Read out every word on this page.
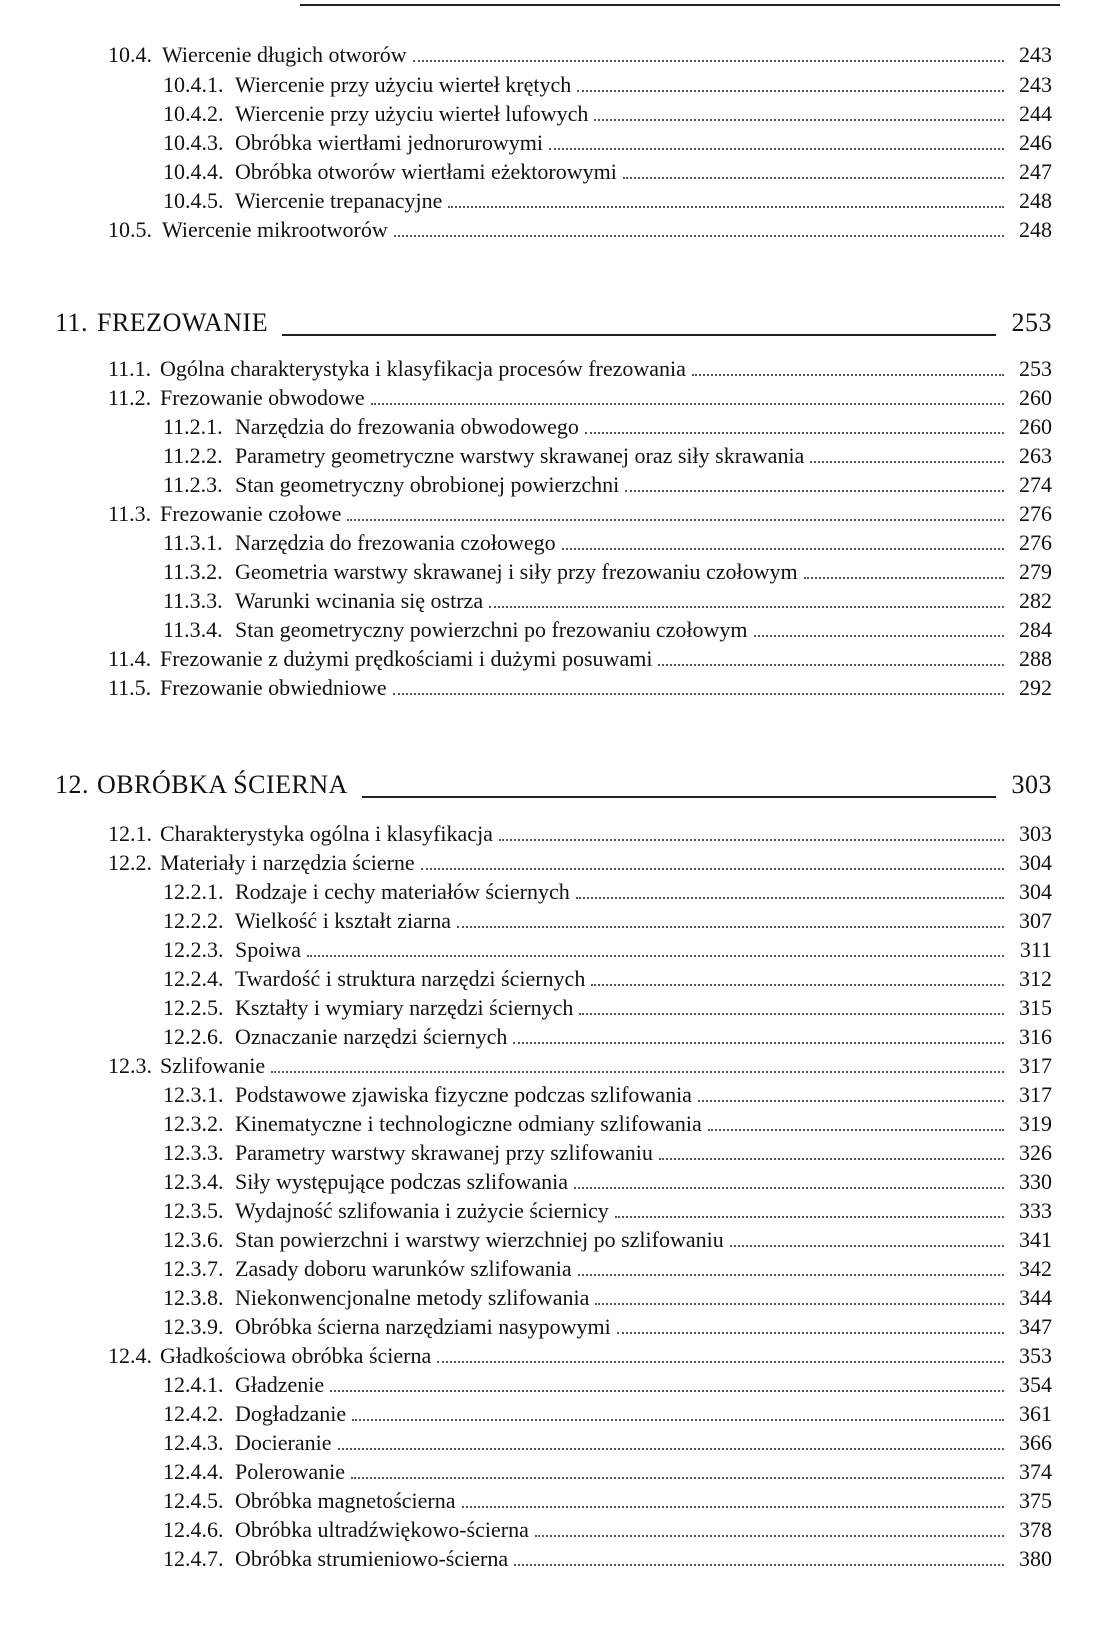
10.4. Wiercenie długich otworów	243
10.4.1. Wiercenie przy użyciu wierteł krętych	243
10.4.2. Wiercenie przy użyciu wierteł lufowych	244
10.4.3. Obróbka wiertłami jednorurowymi	246
10.4.4. Obróbka otworów wiertłami eżektorowymi	247
10.4.5. Wiercenie trepanacyjne	248
10.5. Wiercenie mikrootworów	248
11. FREZOWANIE	253
11.1. Ogólna charakterystyka i klasyfikacja procesów frezowania	253
11.2. Frezowanie obwodowe	260
11.2.1. Narzędzia do frezowania obwodowego	260
11.2.2. Parametry geometryczne warstwy skrawanej oraz siły skrawania	263
11.2.3. Stan geometryczny obrobionej powierzchni	274
11.3. Frezowanie czołowe	276
11.3.1. Narzędzia do frezowania czołowego	276
11.3.2. Geometria warstwy skrawanej i siły przy frezowaniu czołowym	279
11.3.3. Warunki wcinania się ostrza	282
11.3.4. Stan geometryczny powierzchni po frezowaniu czołowym	284
11.4. Frezowanie z dużymi prędkościami i dużymi posuwami	288
11.5. Frezowanie obwiedniowe	292
12. OBRÓBKA ŚCIERNA	303
12.1. Charakterystyka ogólna i klasyfikacja	303
12.2. Materiały i narzędzia ścierne	304
12.2.1. Rodzaje i cechy materiałów ściernych	304
12.2.2. Wielkość i kształt ziarna	307
12.2.3. Spoiwa	311
12.2.4. Twardość i struktura narzędzi ściernych	312
12.2.5. Kształty i wymiary narzędzi ściernych	315
12.2.6. Oznaczanie narzędzi ściernych	316
12.3. Szlifowanie	317
12.3.1. Podstawowe zjawiska fizyczne podczas szlifowania	317
12.3.2. Kinematyczne i technologiczne odmiany szlifowania	319
12.3.3. Parametry warstwy skrawanej przy szlifowaniu	326
12.3.4. Siły występujące podczas szlifowania	330
12.3.5. Wydajność szlifowania i zużycie ściernicy	333
12.3.6. Stan powierzchni i warstwy wierzchniej po szlifowaniu	341
12.3.7. Zasady doboru warunków szlifowania	342
12.3.8. Niekonwencjonalne metody szlifowania	344
12.3.9. Obróbka ścierna narzędziami nasypowymi	347
12.4. Gładkościowa obróbka ścierna	353
12.4.1. Gładzenie	354
12.4.2. Dogładzanie	361
12.4.3. Docieranie	366
12.4.4. Polerowanie	374
12.4.5. Obróbka magnetościerna	375
12.4.6. Obróbka ultradźwiękowo-ścierna	378
12.4.7. Obróbka strumieniowo-ścierna	380
